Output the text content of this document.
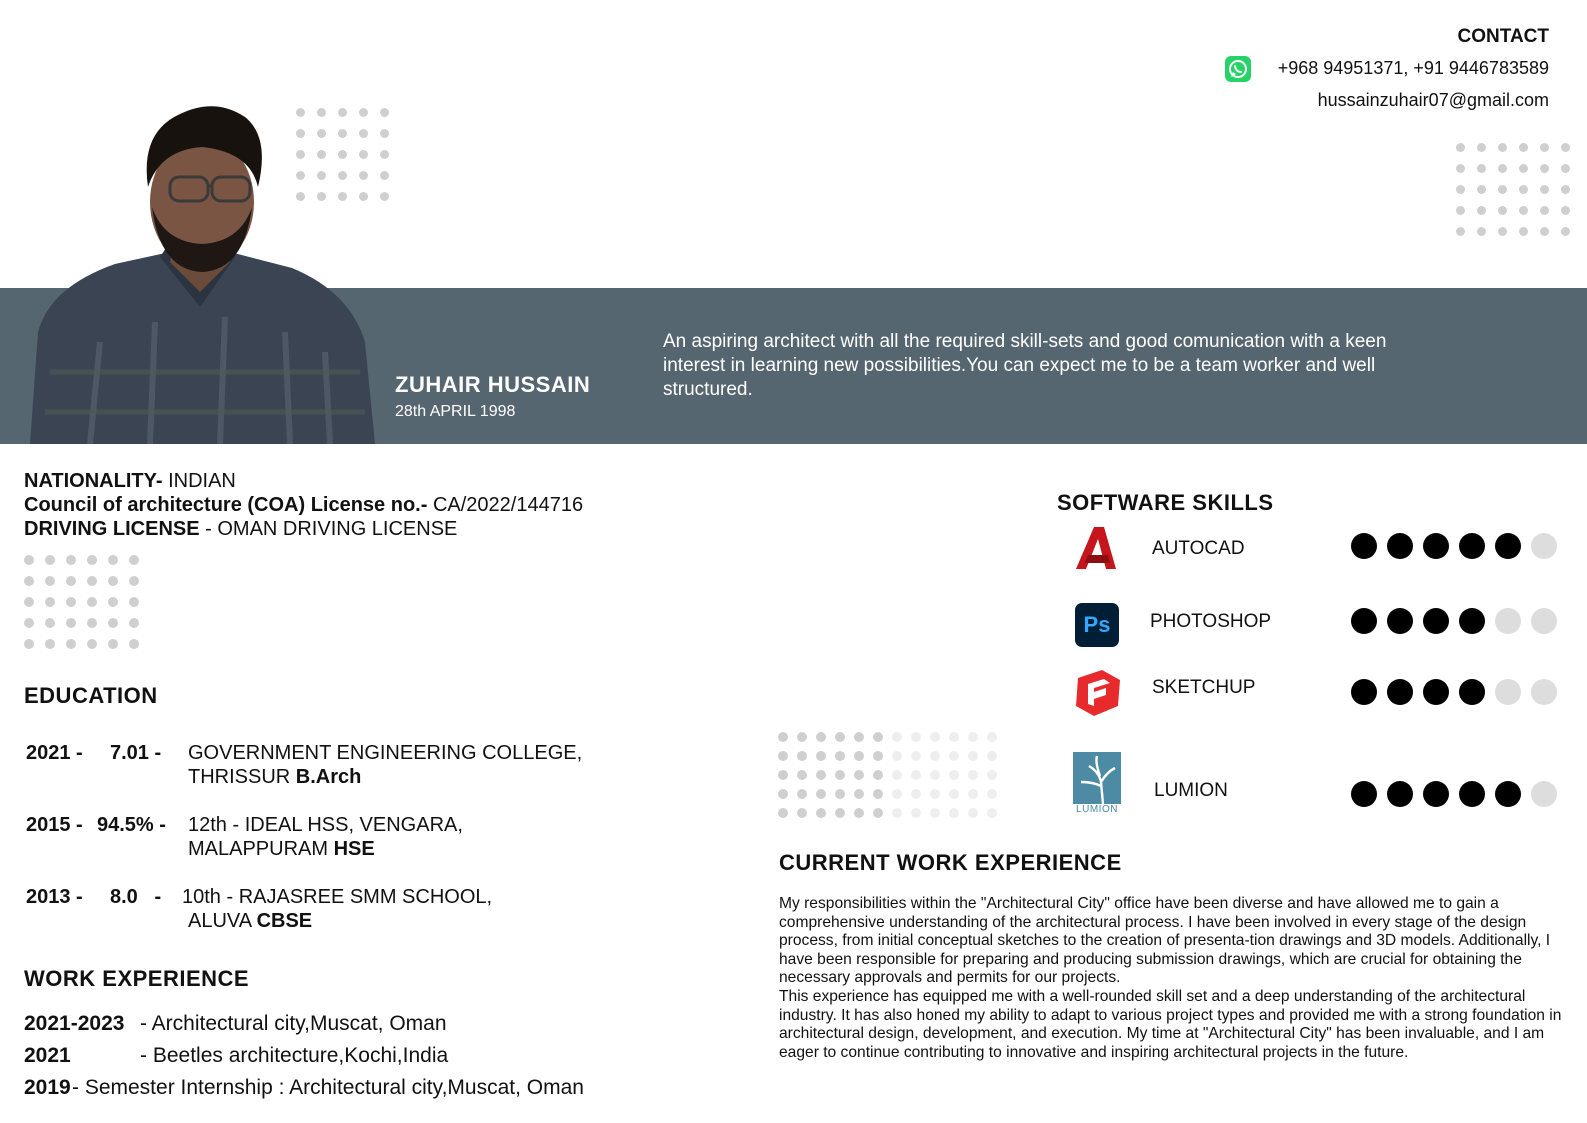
CONTACT
+968 94951371, +91 9446783589
hussainzuhair07@gmail.com
ZUHAIR HUSSAIN
28th APRIL 1998
An aspiring architect with all the required skill-sets and good comunication with a keen interest in learning new possibilities.You can expect me to be a team worker and well structured.
NATIONALITY- INDIAN
Council of architecture (COA) License no.- CA/2022/144716
DRIVING LICENSE - OMAN DRIVING LICENSE
EDUCATION
2021 - 7.01 - GOVERNMENT ENGINEERING COLLEGE,
THRISSUR B.Arch
2015 - 94.5% - 12th - IDEAL HSS, VENGARA,
MALAPPURAM HSE
2013 - 8.0   - 10th - RAJASREE SMM SCHOOL,
ALUVA CBSE
WORK EXPERIENCE
2021-2023 - Architectural city,Muscat, Oman
2021	- Beetles architecture,Kochi,India
2019 - Semester Internship : Architectural city,Muscat, Oman
SOFTWARE SKILLS
AUTOCAD
Ps PHOTOSHOP
SKETCHUP
LUMION
LUMION
CURRENT WORK EXPERIENCE

My responsibilities within the "Architectural City" office have been diverse and have allowed me to gain a comprehensive understanding of the architectural process. I have been involved in every stage of the design process, from initial conceptual sketches to the creation of presenta-tion drawings and 3D models. Additionally, I have been responsible for preparing and producing submission drawings, which are crucial for obtaining the necessary approvals and permits for our projects.

This experience has equipped me with a well-rounded skill set and a deep understanding of the architectural industry. It has also honed my ability to adapt to various project types and provided me with a strong foundation in architectural design, development, and execution. My time at "Architectural City" has been invaluable, and I am eager to continue contributing to innovative and inspiring architectural projects in the future.
